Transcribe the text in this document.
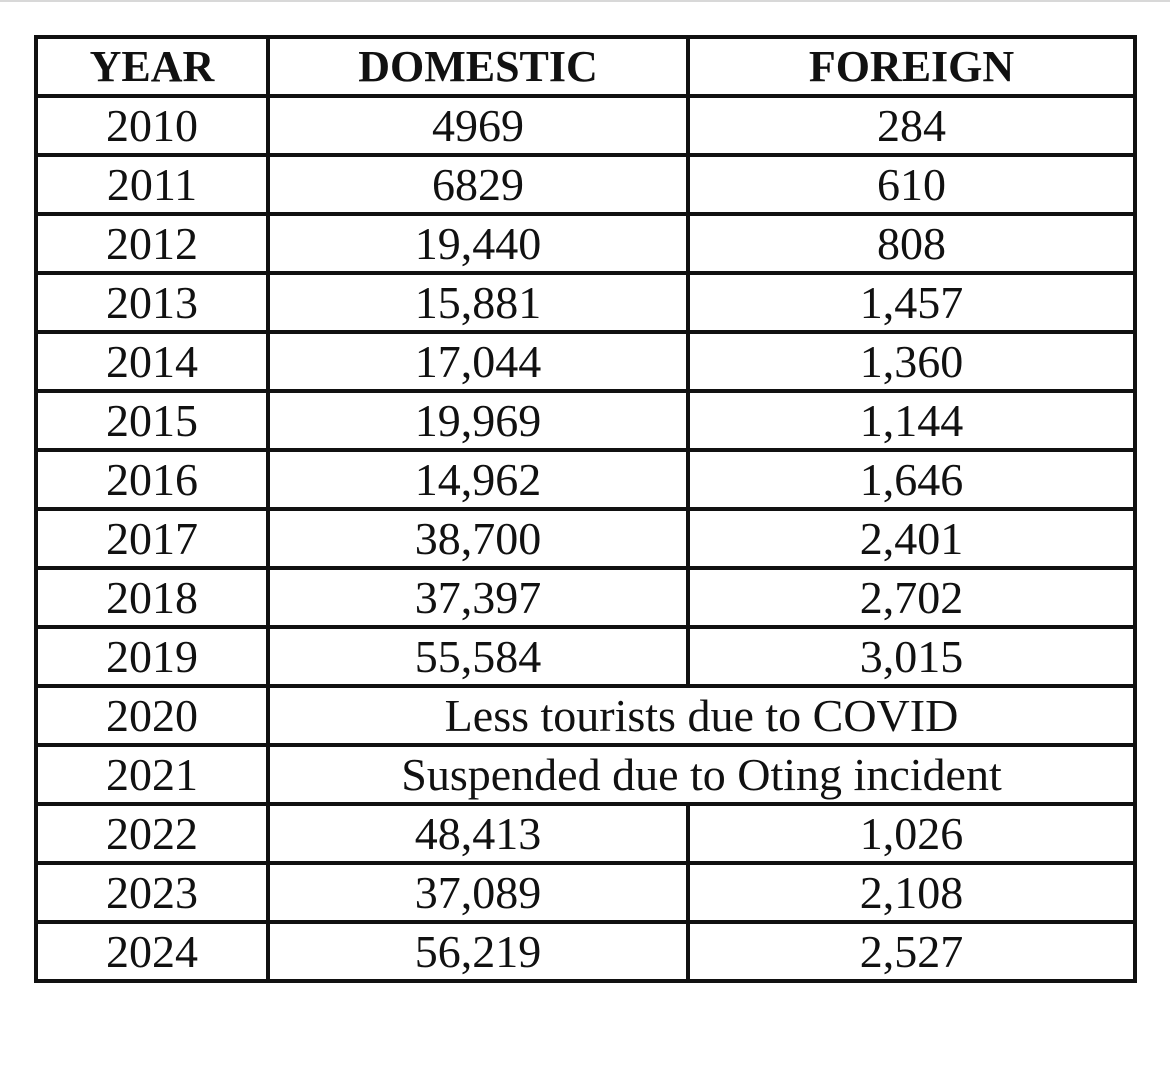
YEAR	DOMESTIC	FOREIGN
2010	4969	284
2011	6829	610
2012	19,440	808
2013	15,881	1,457
2014	17,044	1,360
2015	19,969	1,144
2016	14,962	1,646
2017	38,700	2,401
2018	37,397	2,702
2019	55,584	3,015
2020	Less tourists due to COVID	
2021	Suspended due to Oting incident	
2022	48,413	1,026
2023	37,089	2,108
2024	56,219	2,527
